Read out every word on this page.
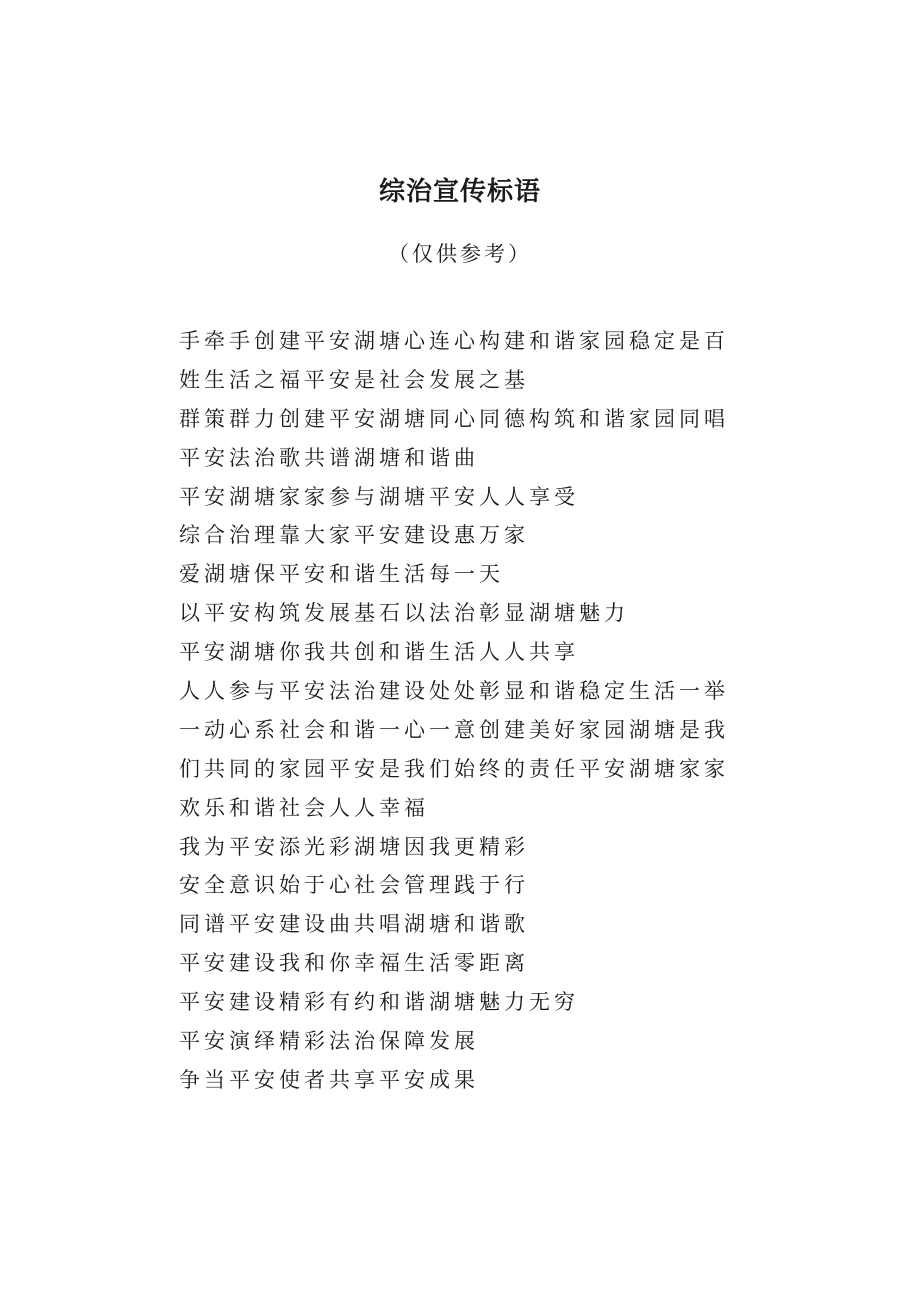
综治宣传标语
（仅供参考）
手牵手创建平安湖塘心连心构建和谐家园稳定是百
姓生活之福平安是社会发展之基
群策群力创建平安湖塘同心同德构筑和谐家园同唱
平安法治歌共谱湖塘和谐曲
平安湖塘家家参与湖塘平安人人享受
综合治理靠大家平安建设惠万家
爱湖塘保平安和谐生活每一天
以平安构筑发展基石以法治彰显湖塘魅力
平安湖塘你我共创和谐生活人人共享
人人参与平安法治建设处处彰显和谐稳定生活一举
一动心系社会和谐一心一意创建美好家园湖塘是我
们共同的家园平安是我们始终的责任平安湖塘家家
欢乐和谐社会人人幸福
我为平安添光彩湖塘因我更精彩
安全意识始于心社会管理践于行
同谱平安建设曲共唱湖塘和谐歌
平安建设我和你幸福生活零距离
平安建设精彩有约和谐湖塘魅力无穷
平安演绎精彩法治保障发展
争当平安使者共享平安成果
